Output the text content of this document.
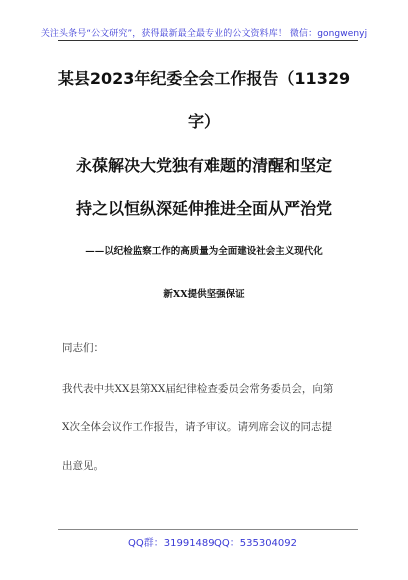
关注头条号“公文研究”，获得最新最全最专业的公文资料库！ 微信：gongwenyj
某县2023年纪委全会工作报告（11329
字）
永葆解决大党独有难题的清醒和坚定
持之以恒纵深延伸推进全面从严治党
——以纪检监察工作的高质量为全面建设社会主义现代化
新XX提供坚强保证
同志们：
我代表中共XX县第XX届纪律检查委员会常务委员会，向第
X次全体会议作工作报告，请予审议。请列席会议的同志提
出意见。
QQ群：31991489 QQ：535304092
